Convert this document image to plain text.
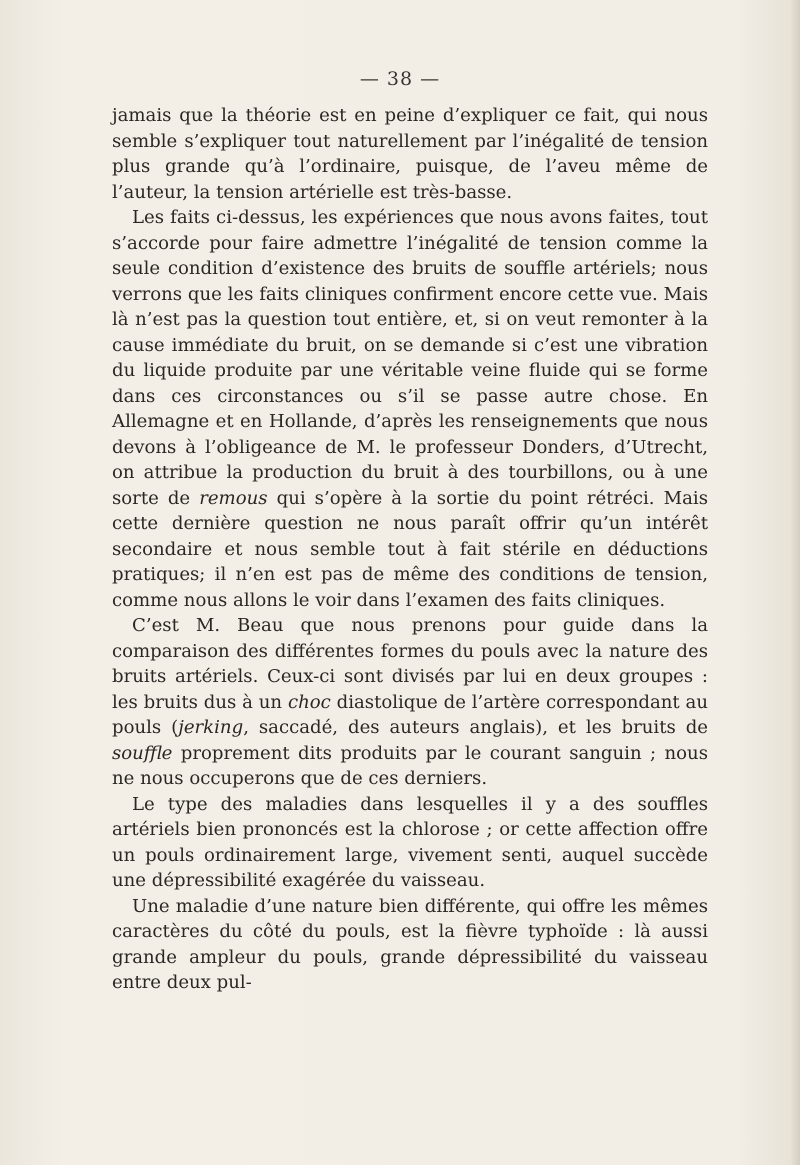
— 38 —

jamais que la théorie est en peine d’expliquer ce fait, qui nous semble s’expliquer tout naturellement par l’inégalité de tension plus grande qu’à l’ordinaire, puisque, de l’aveu même de l’auteur, la tension artérielle est très-basse.

Les faits ci-dessus, les expériences que nous avons faites, tout s’accorde pour faire admettre l’inégalité de tension comme la seule condition d’existence des bruits de souffle artériels; nous verrons que les faits cliniques confirment encore cette vue. Mais là n’est pas la question tout entière, et, si on veut remonter à la cause immédiate du bruit, on se demande si c’est une vibration du liquide produite par une véritable veine fluide qui se forme dans ces circonstances ou s’il se passe autre chose. En Allemagne et en Hollande, d’après les renseignements que nous devons à l’obligeance de M. le professeur Donders, d’Utrecht, on attribue la production du bruit à des tourbillons, ou à une sorte de remous qui s’opère à la sortie du point rétréci. Mais cette dernière question ne nous paraît offrir qu’un intérêt secondaire et nous semble tout à fait stérile en déductions pratiques; il n’en est pas de même des conditions de tension, comme nous allons le voir dans l’examen des faits cliniques.

C’est M. Beau que nous prenons pour guide dans la comparaison des différentes formes du pouls avec la nature des bruits artériels. Ceux-ci sont divisés par lui en deux groupes : les bruits dus à un choc diastolique de l’artère correspondant au pouls (jerking, saccadé, des auteurs anglais), et les bruits de souffle proprement dits produits par le courant sanguin ; nous ne nous occuperons que de ces derniers.

Le type des maladies dans lesquelles il y a des souffles artériels bien prononcés est la chlorose ; or cette affection offre un pouls ordinairement large, vivement senti, auquel succède une dépressibilité exagérée du vaisseau.

Une maladie d’une nature bien différente, qui offre les mêmes caractères du côté du pouls, est la fièvre typhoïde : là aussi grande ampleur du pouls, grande dépressibilité du vaisseau entre deux pul-
